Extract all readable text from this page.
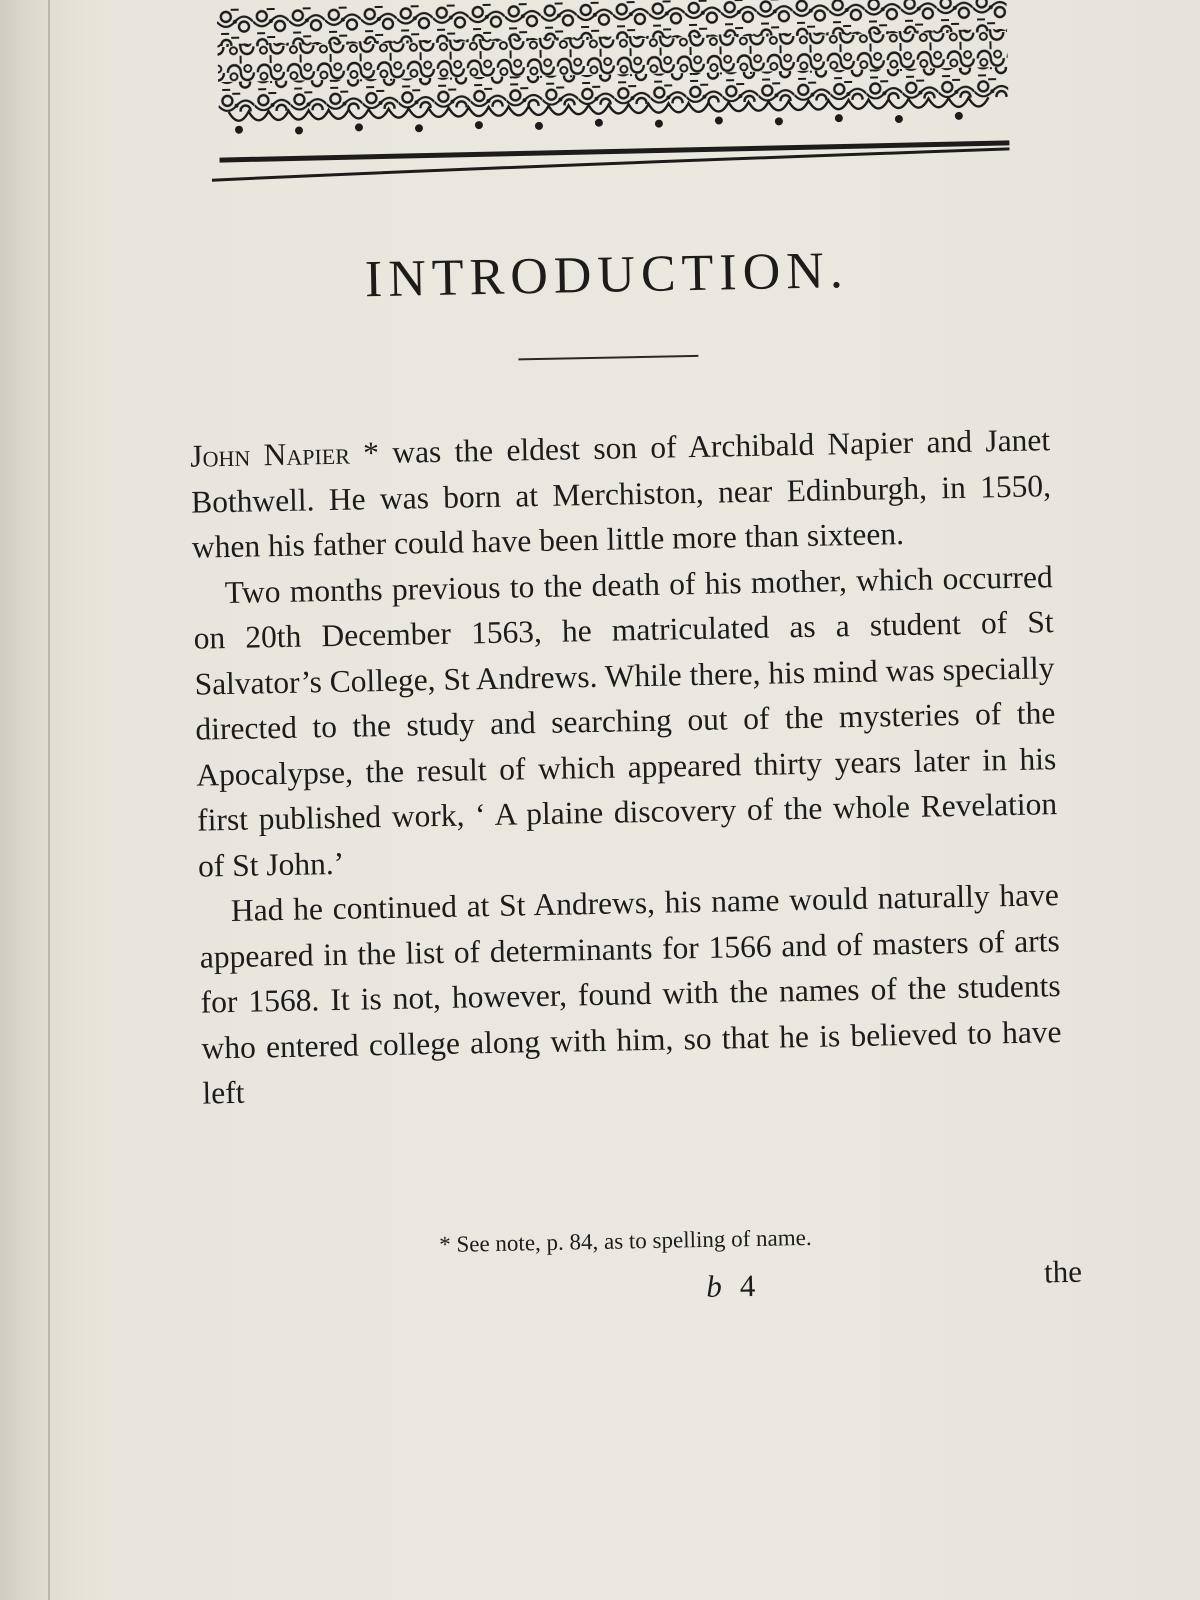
INTRODUCTION.

John Napier * was the eldest son of Archibald Napier and Janet Bothwell. He was born at Merchiston, near Edinburgh, in 1550, when his father could have been little more than sixteen.

Two months previous to the death of his mother, which occurred on 20th December 1563, he matriculated as a student of St Salvator’s College, St Andrews. While there, his mind was specially directed to the study and searching out of the mysteries of the Apocalypse, the result of which appeared thirty years later in his first published work, ‘ A plaine discovery of the whole Revelation of St John.’

Had he continued at St Andrews, his name would naturally have appeared in the list of determinants for 1566 and of masters of arts for 1568. It is not, however, found with the names of the students who entered college along with him, so that he is believed to have left

* See note, p. 84, as to spelling of name.
b 4	the
